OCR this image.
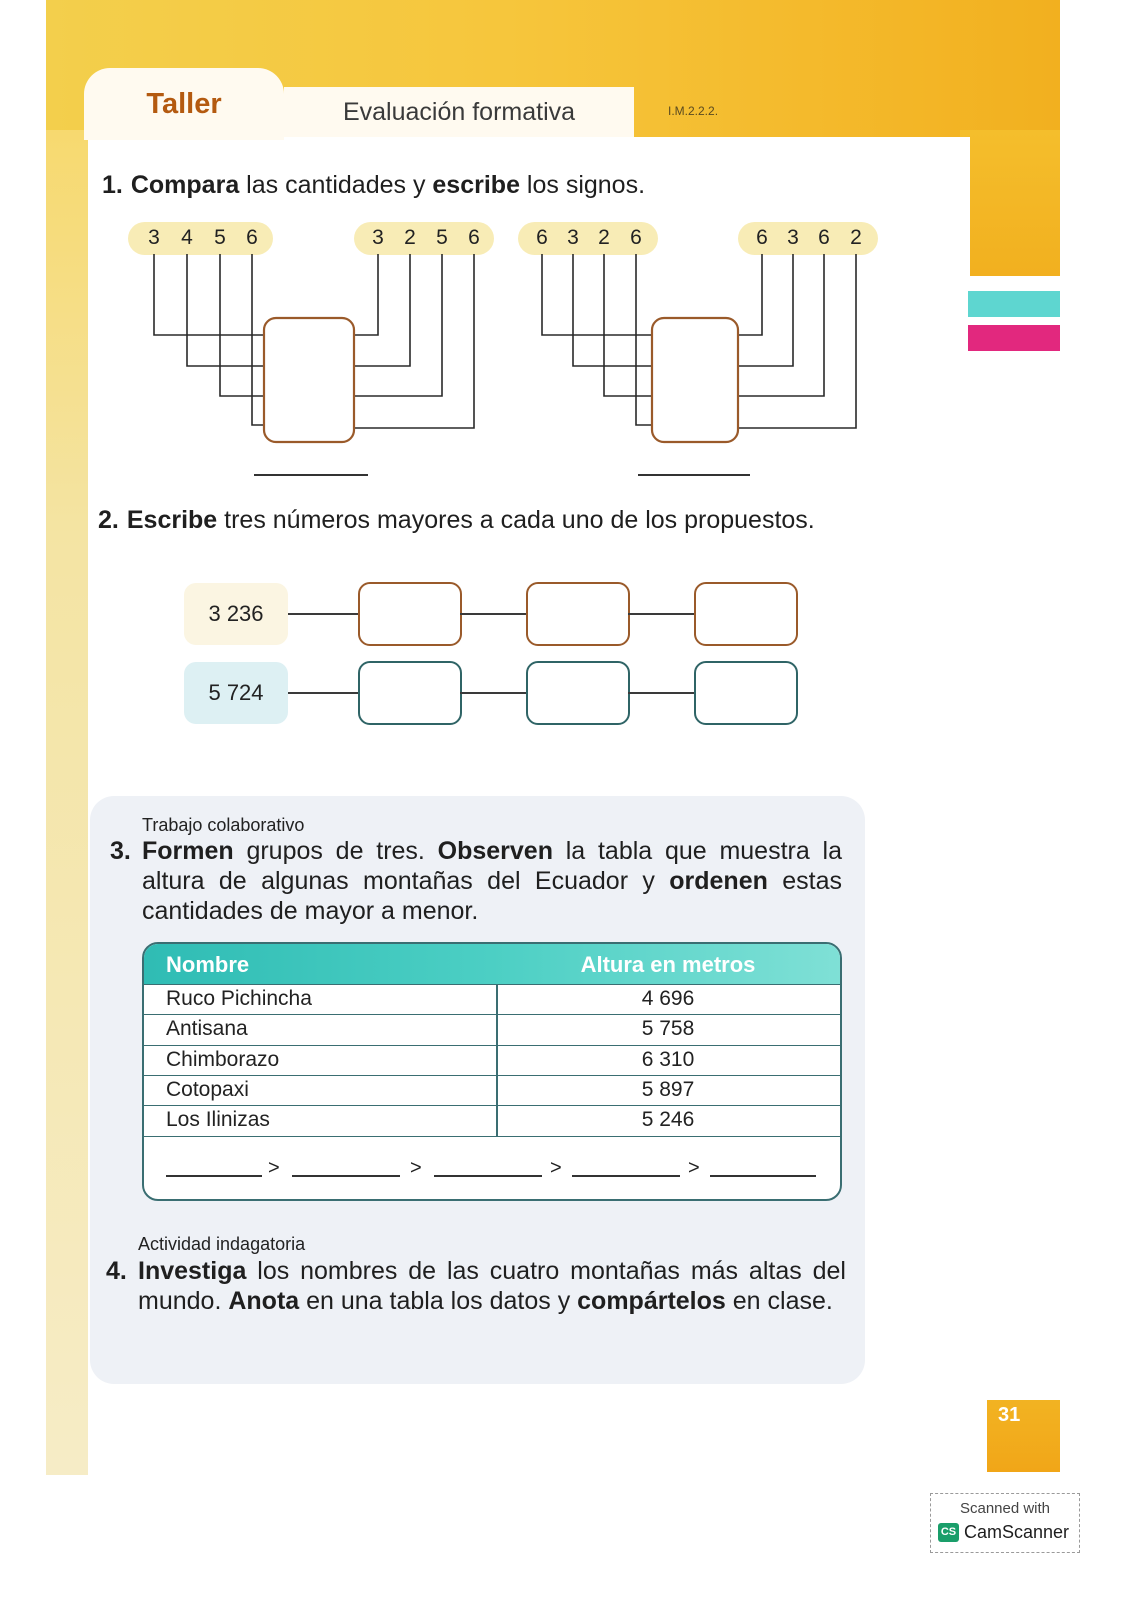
Taller	Evaluación formativa	I.M.2.2.2.
1. Compara las cantidades y escribe los signos.
3 4 5 6	3 2 5 6	6 3 2 6	6 3 6 2
2. Escribe tres números mayores a cada uno de los propuestos.
3 236
5 724
Trabajo colaborativo
3. Formen grupos de tres. Observen la tabla que muestra la altura de algunas montañas del Ecuador y ordenen estas cantidades de mayor a menor.
Nombre	Altura en metros
Ruco Pichincha	4 696
Antisana	5 758
Chimborazo	6 310
Cotopaxi	5 897
Los Ilinizas	5 246
>	>	>	>
Actividad indagatoria
4. Investiga los nombres de las cuatro montañas más altas del mundo. Anota en una tabla los datos y compártelos en clase.
31
Scanned with
CS CamScanner
